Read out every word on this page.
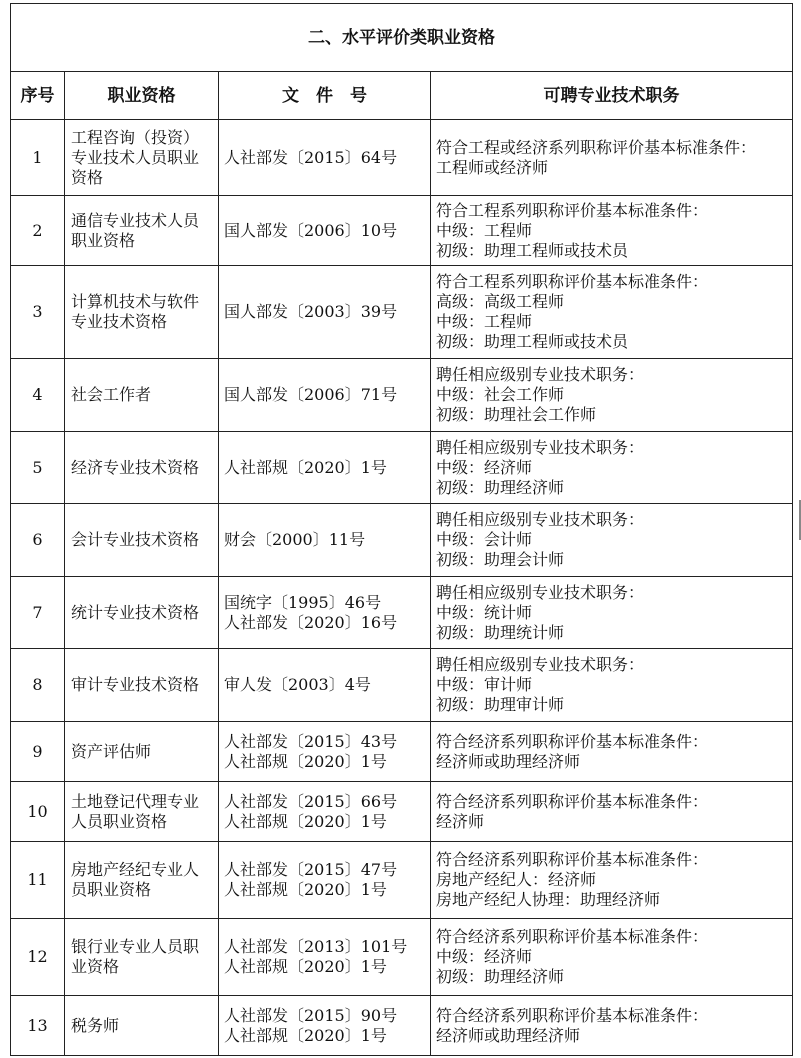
二、水平评价类职业资格			
序号	职业资格	文　件　号	可聘专业技术职务
1	工程咨询（投资）
专业技术人员职业
资格	人社部发〔2015〕64号	符合工程或经济系列职称评价基本标准条件：
工程师或经济师

2	通信专业技术人员
职业资格	国人部发〔2006〕10号	符合工程系列职称评价基本标准条件：
中级：工程师
初级：助理工程师或技术员

3	计算机技术与软件
专业技术资格	国人部发〔2003〕39号	符合工程系列职称评价基本标准条件：
高级：高级工程师
中级：工程师
初级：助理工程师或技术员

4	社会工作者	国人部发〔2006〕71号	聘任相应级别专业技术职务：
中级：社会工作师
初级：助理社会工作师

5	经济专业技术资格	人社部规〔2020〕1号	聘任相应级别专业技术职务：
中级：经济师
初级：助理经济师

6	会计专业技术资格	财会〔2000〕11号	聘任相应级别专业技术职务：
中级：会计师
初级：助理会计师

7	统计专业技术资格	国统字〔1995〕46号
人社部发〔2020〕16号	聘任相应级别专业技术职务：
中级：统计师
初级：助理统计师

8	审计专业技术资格	审人发〔2003〕4号	聘任相应级别专业技术职务：
中级：审计师
初级：助理审计师

9	资产评估师	人社部发〔2015〕43号
人社部规〔2020〕1号	符合经济系列职称评价基本标准条件：
经济师或助理经济师

10	土地登记代理专业
人员职业资格	人社部发〔2015〕66号
人社部规〔2020〕1号	符合经济系列职称评价基本标准条件：
经济师

11	房地产经纪专业人
员职业资格	人社部发〔2015〕47号
人社部规〔2020〕1号	符合经济系列职称评价基本标准条件：
房地产经纪人：经济师
房地产经纪人协理：助理经济师

12	银行业专业人员职
业资格	人社部发〔2013〕101号
人社部规〔2020〕1号	符合经济系列职称评价基本标准条件：
中级：经济师
初级：助理经济师

13	税务师	人社部发〔2015〕90号
人社部规〔2020〕1号	符合经济系列职称评价基本标准条件：
经济师或助理经济师
